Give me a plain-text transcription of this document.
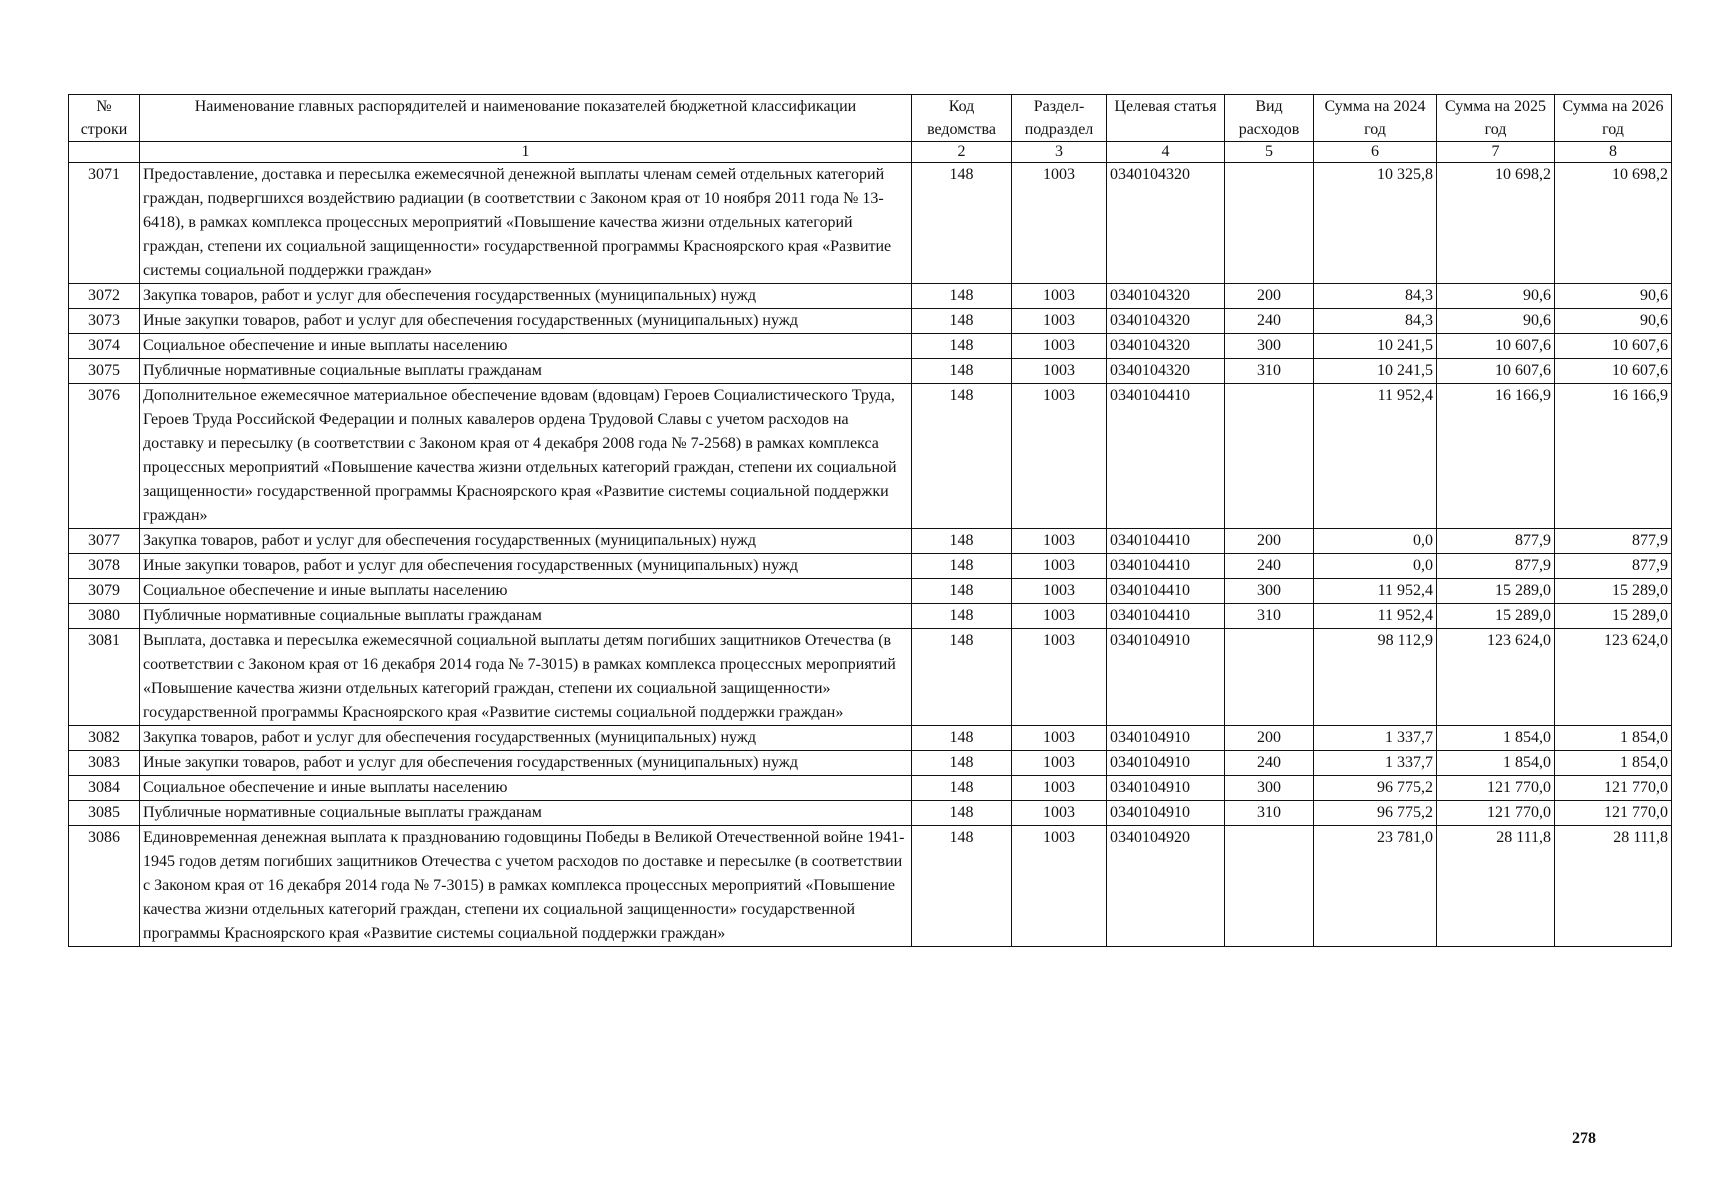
№ строки	Наименование главных распорядителей и наименование показателей бюджетной классификации	Код ведомства	Раздел-подраздел	Целевая статья	Вид расходов	Сумма на 2024 год	Сумма на 2025 год	Сумма на 2026 год
	1	2	3	4	5	6	7	8
3071	Предоставление, доставка и пересылка ежемесячной денежной выплаты членам семей отдельных категорий граждан, подвергшихся воздействию радиации (в соответствии с Законом края от 10 ноября 2011 года № 13-6418), в рамках комплекса процессных мероприятий «Повышение качества жизни отдельных категорий граждан, степени их социальной защищенности» государственной программы Красноярского края «Развитие системы социальной поддержки граждан»	148	1003	0340104320		10 325,8	10 698,2	10 698,2
3072	Закупка товаров, работ и услуг для обеспечения государственных (муниципальных) нужд	148	1003	0340104320	200	84,3	90,6	90,6
3073	Иные закупки товаров, работ и услуг для обеспечения государственных (муниципальных) нужд	148	1003	0340104320	240	84,3	90,6	90,6
3074	Социальное обеспечение и иные выплаты населению	148	1003	0340104320	300	10 241,5	10 607,6	10 607,6
3075	Публичные нормативные социальные выплаты гражданам	148	1003	0340104320	310	10 241,5	10 607,6	10 607,6
3076	Дополнительное ежемесячное материальное обеспечение вдовам (вдовцам) Героев Социалистического Труда, Героев Труда Российской Федерации и полных кавалеров ордена Трудовой Славы с учетом расходов на доставку и пересылку (в соответствии с Законом края от 4 декабря 2008 года № 7-2568) в рамках комплекса процессных мероприятий «Повышение качества жизни отдельных категорий граждан, степени их социальной защищенности» государственной программы Красноярского края «Развитие системы социальной поддержки граждан»	148	1003	0340104410		11 952,4	16 166,9	16 166,9
3077	Закупка товаров, работ и услуг для обеспечения государственных (муниципальных) нужд	148	1003	0340104410	200	0,0	877,9	877,9
3078	Иные закупки товаров, работ и услуг для обеспечения государственных (муниципальных) нужд	148	1003	0340104410	240	0,0	877,9	877,9
3079	Социальное обеспечение и иные выплаты населению	148	1003	0340104410	300	11 952,4	15 289,0	15 289,0
3080	Публичные нормативные социальные выплаты гражданам	148	1003	0340104410	310	11 952,4	15 289,0	15 289,0
3081	Выплата, доставка и пересылка ежемесячной социальной выплаты детям погибших защитников Отечества (в соответствии с Законом края от 16 декабря 2014 года № 7-3015) в рамках комплекса процессных мероприятий «Повышение качества жизни отдельных категорий граждан, степени их социальной защищенности» государственной программы Красноярского края «Развитие системы социальной поддержки граждан»	148	1003	0340104910		98 112,9	123 624,0	123 624,0
3082	Закупка товаров, работ и услуг для обеспечения государственных (муниципальных) нужд	148	1003	0340104910	200	1 337,7	1 854,0	1 854,0
3083	Иные закупки товаров, работ и услуг для обеспечения государственных (муниципальных) нужд	148	1003	0340104910	240	1 337,7	1 854,0	1 854,0
3084	Социальное обеспечение и иные выплаты населению	148	1003	0340104910	300	96 775,2	121 770,0	121 770,0
3085	Публичные нормативные социальные выплаты гражданам	148	1003	0340104910	310	96 775,2	121 770,0	121 770,0
3086	Единовременная денежная выплата к празднованию годовщины Победы в Великой Отечественной войне 1941-1945 годов детям погибших защитников Отечества с учетом расходов по доставке и пересылке (в соответствии с Законом края от 16 декабря 2014 года № 7-3015) в рамках комплекса процессных мероприятий «Повышение качества жизни отдельных категорий граждан, степени их социальной защищенности» государственной программы Красноярского края «Развитие системы социальной поддержки граждан»	148	1003	0340104920		23 781,0	28 111,8	28 111,8
278
